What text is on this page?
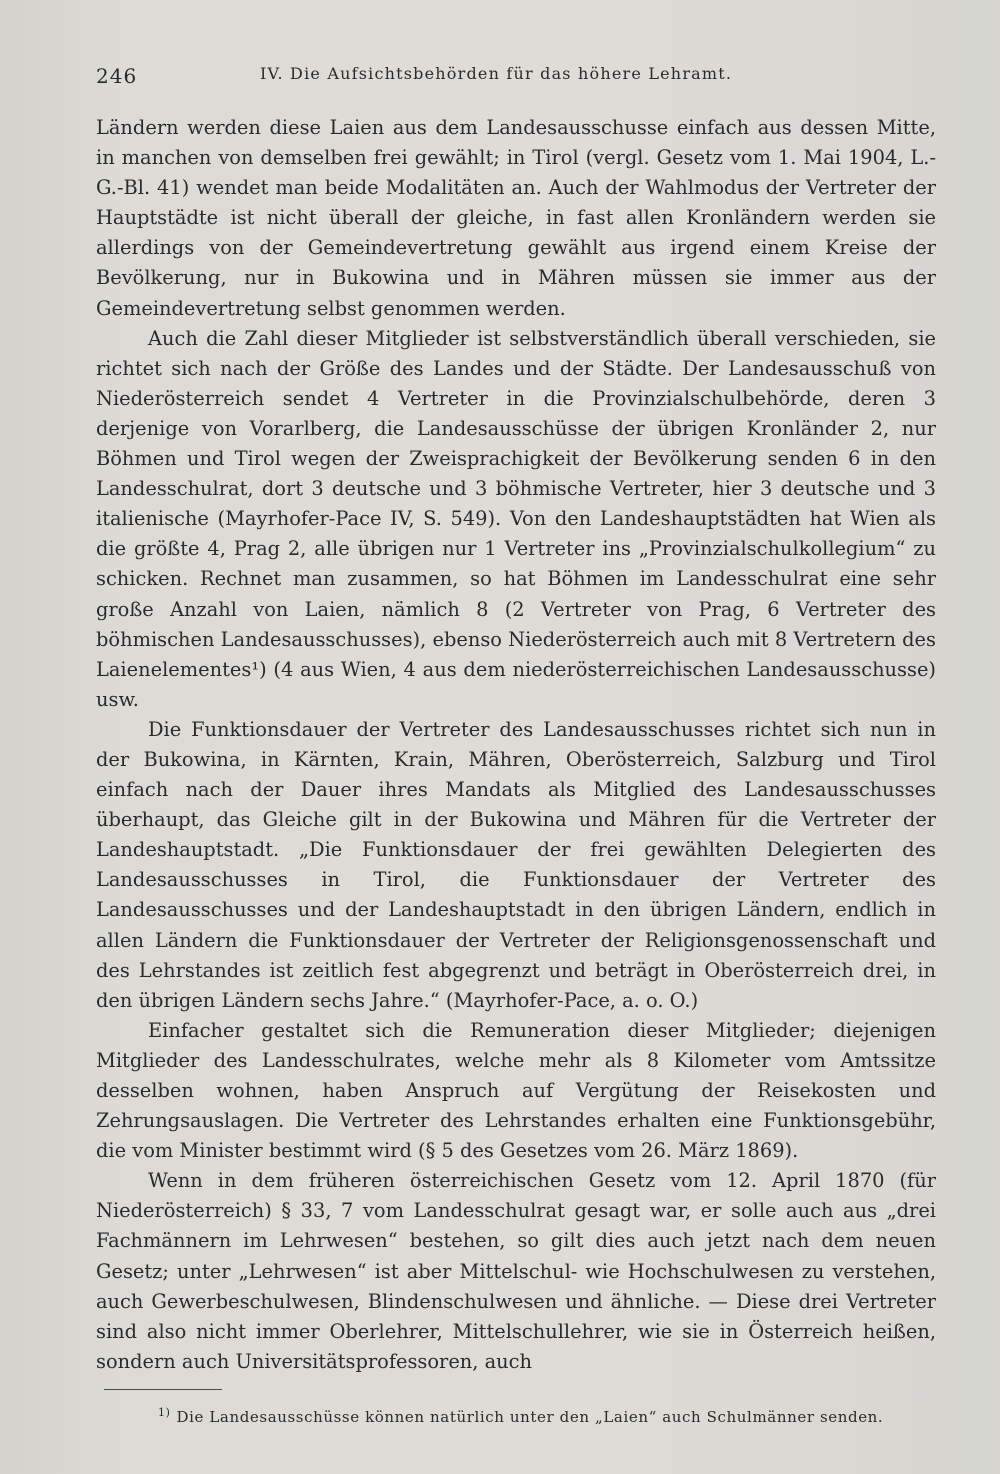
246	IV. Die Aufsichtsbehörden für das höhere Lehramt.

Ländern werden diese Laien aus dem Landesausschusse einfach aus dessen Mitte, in manchen von demselben frei gewählt; in Tirol (vergl. Gesetz vom 1. Mai 1904, L.-G.-Bl. 41) wendet man beide Modalitäten an. Auch der Wahlmodus der Vertreter der Hauptstädte ist nicht überall der gleiche, in fast allen Kronländern werden sie allerdings von der Gemeindevertretung gewählt aus irgend einem Kreise der Bevölkerung, nur in Bukowina und in Mähren müssen sie immer aus der Gemeindevertretung selbst genommen werden.

Auch die Zahl dieser Mitglieder ist selbstverständlich überall verschieden, sie richtet sich nach der Größe des Landes und der Städte. Der Landesausschuß von Niederösterreich sendet 4 Vertreter in die Provinzialschulbehörde, deren 3 derjenige von Vorarlberg, die Landesausschüsse der übrigen Kronländer 2, nur Böhmen und Tirol wegen der Zweisprachigkeit der Bevölkerung senden 6 in den Landesschulrat, dort 3 deutsche und 3 böhmische Vertreter, hier 3 deutsche und 3 italienische (Mayrhofer-Pace IV, S. 549). Von den Landeshauptstädten hat Wien als die größte 4, Prag 2, alle übrigen nur 1 Vertreter ins „Provinzialschulkollegium“ zu schicken. Rechnet man zusammen, so hat Böhmen im Landesschulrat eine sehr große Anzahl von Laien, nämlich 8 (2 Vertreter von Prag, 6 Vertreter des böhmischen Landesausschusses), ebenso Niederösterreich auch mit 8 Vertretern des Laienelementes¹) (4 aus Wien, 4 aus dem niederösterreichischen Landesausschusse) usw.

Die Funktionsdauer der Vertreter des Landesausschusses richtet sich nun in der Bukowina, in Kärnten, Krain, Mähren, Oberösterreich, Salzburg und Tirol einfach nach der Dauer ihres Mandats als Mitglied des Landesausschusses überhaupt, das Gleiche gilt in der Bukowina und Mähren für die Vertreter der Landeshauptstadt. „Die Funktionsdauer der frei gewählten Delegierten des Landesausschusses in Tirol, die Funktionsdauer der Vertreter des Landesausschusses und der Landeshauptstadt in den übrigen Ländern, endlich in allen Ländern die Funktionsdauer der Vertreter der Religionsgenossenschaft und des Lehrstandes ist zeitlich fest abgegrenzt und beträgt in Oberösterreich drei, in den übrigen Ländern sechs Jahre.“ (Mayrhofer-Pace, a. o. O.)

Einfacher gestaltet sich die Remuneration dieser Mitglieder; diejenigen Mitglieder des Landesschulrates, welche mehr als 8 Kilometer vom Amtssitze desselben wohnen, haben Anspruch auf Vergütung der Reisekosten und Zehrungsauslagen. Die Vertreter des Lehrstandes erhalten eine Funktionsgebühr, die vom Minister bestimmt wird (§ 5 des Gesetzes vom 26. März 1869).

Wenn in dem früheren österreichischen Gesetz vom 12. April 1870 (für Niederösterreich) § 33, 7 vom Landesschulrat gesagt war, er solle auch aus „drei Fachmännern im Lehrwesen“ bestehen, so gilt dies auch jetzt nach dem neuen Gesetz; unter „Lehrwesen“ ist aber Mittelschul- wie Hochschulwesen zu verstehen, auch Gewerbeschulwesen, Blindenschulwesen und ähnliche. — Diese drei Vertreter sind also nicht immer Oberlehrer, Mittelschullehrer, wie sie in Österreich heißen, sondern auch Universitätsprofessoren, auch

$^{1)}$ Die Landesausschüsse können natürlich unter den „Laien“ auch Schulmänner senden.
